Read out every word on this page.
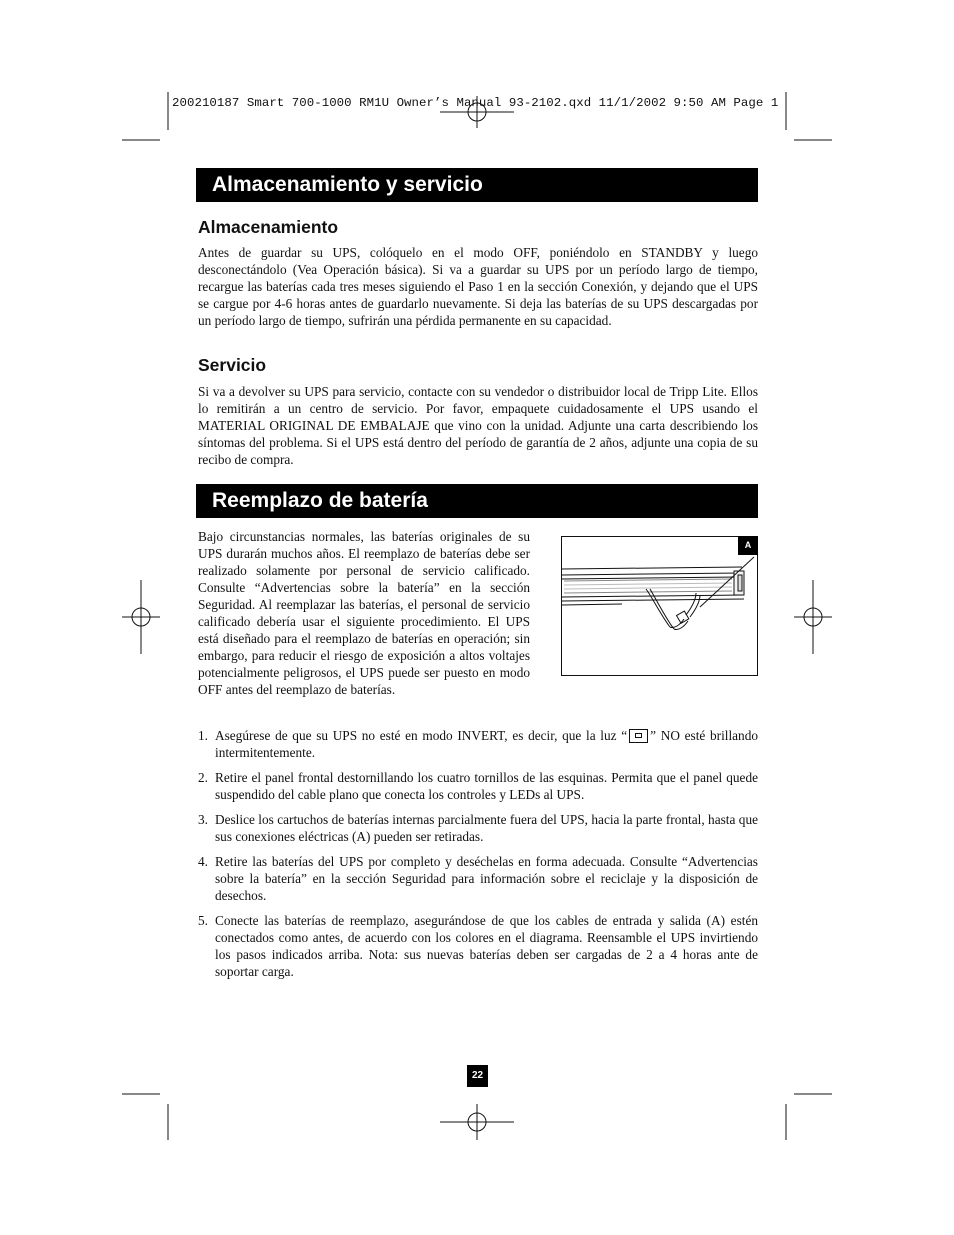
200210187 Smart 700-1000 RM1U Owner’s Manual 93-2102.qxd 11/1/2002 9:50 AM Page 1
Almacenamiento y servicio
Almacenamiento
Antes de guardar su UPS, colóquelo en el modo OFF, poniéndolo en STANDBY y luego desconectándolo (Vea Operación básica). Si va a guardar su UPS por un período largo de tiempo, recargue las baterías cada tres meses siguiendo el Paso 1 en la sección Conexión, y dejando que el UPS se cargue por 4-6 horas antes de guardarlo nuevamente. Si deja las baterías de su UPS descargadas por un período largo de tiempo, sufrirán una pérdida permanente en su capacidad.
Servicio
Si va a devolver su UPS para servicio, contacte con su vendedor o distribuidor local de Tripp Lite. Ellos lo remitirán a un centro de servicio. Por favor, empaquete cuidadosamente el UPS usando el MATERIAL ORIGINAL DE EMBALAJE que vino con la unidad. Adjunte una carta describiendo los síntomas del problema. Si el UPS está dentro del período de garantía de 2 años, adjunte una copia de su recibo de compra.
Reemplazo de batería
Bajo circunstancias normales, las baterías originales de su UPS durarán muchos años. El reemplazo de baterías debe ser realizado solamente por personal de servicio calificado. Consulte “Advertencias sobre la batería” en la sección Seguridad. Al reemplazar las baterías, el personal de servicio calificado debería usar el siguiente procedimiento. El UPS está diseñado para el reemplazo de baterías en operación; sin embargo, para reducir el riesgo de exposición a altos voltajes potencialmente peligrosos, el UPS puede ser puesto en modo OFF antes del reemplazo de baterías.
A
1. Asegúrese de que su UPS no esté en modo INVERT, es decir, que la luz “ ” NO esté brillando intermitentemente.
2. Retire el panel frontal destornillando los cuatro tornillos de las esquinas. Permita que el panel quede suspendido del cable plano que conecta los controles y LEDs al UPS.
3. Deslice los cartuchos de baterías internas parcialmente fuera del UPS, hacia la parte frontal, hasta que sus conexiones eléctricas (A) pueden ser retiradas.
4. Retire las baterías del UPS por completo y deséchelas en forma adecuada. Consulte “Advertencias sobre la batería” en la sección Seguridad para información sobre el reciclaje y la disposición de desechos.
5. Conecte las baterías de reemplazo, asegurándose de que los cables de entrada y salida (A) estén conectados como antes, de acuerdo con los colores en el diagrama. Reensamble el UPS invirtiendo los pasos indicados arriba. Nota: sus nuevas baterías deben ser cargadas de 2 a 4 horas ante de soportar carga.
22
